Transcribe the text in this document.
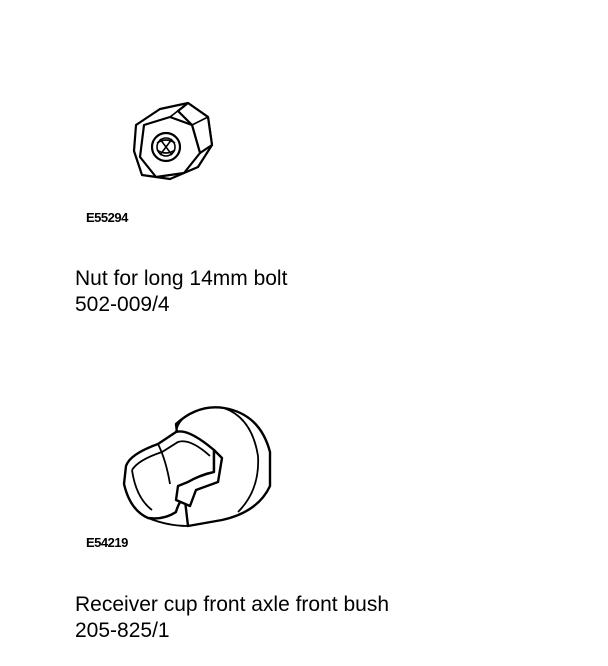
E55294
Nut for long 14mm bolt
502-009/4
E54219
Receiver cup front axle front bush
205-825/1
